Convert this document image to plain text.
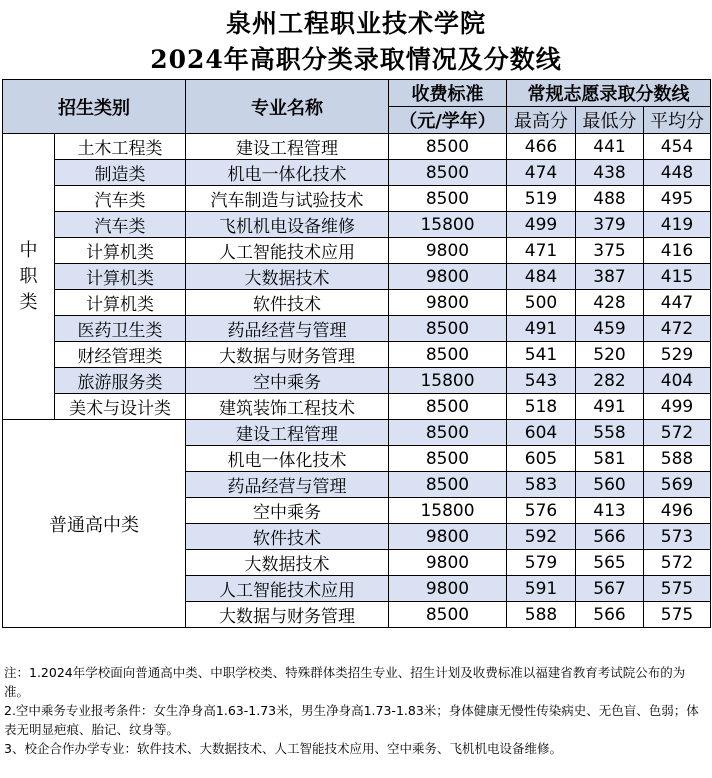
泉州工程职业技术学院
2024年高职分类录取情况及分数线
招生类别		专业名称	收费标准	常规志愿录取分数线		
			（元/学年）	最高分	最低分	平均分
中职类	土木工程类	建设工程管理	8500	466	441	454
	制造类	机电一体化技术	8500	474	438	448
	汽车类	汽车制造与试验技术	8500	519	488	495
	汽车类	飞机机电设备维修	15800	499	379	419
	计算机类	人工智能技术应用	9800	471	375	416
	计算机类	大数据技术	9800	484	387	415
	计算机类	软件技术	9800	500	428	447
	医药卫生类	药品经营与管理	8500	491	459	472
	财经管理类	大数据与财务管理	8500	541	520	529
	旅游服务类	空中乘务	15800	543	282	404
	美术与设计类	建筑装饰工程技术	8500	518	491	499
普通高中类		建设工程管理	8500	604	558	572
		机电一体化技术	8500	605	581	588
		药品经营与管理	8500	583	560	569
		空中乘务	15800	576	413	496
		软件技术	9800	592	566	573
		大数据技术	9800	579	565	572
		人工智能技术应用	9800	591	567	575
		大数据与财务管理	8500	588	566	575
注：1.2024年学校面向普通高中类、中职学校类、特殊群体类招生专业、招生计划及收费标准以福建省教育考试院公布的为准。
2.空中乘务专业报考条件：女生净身高1.63-1.73米，男生净身高1.73-1.83米；身体健康无慢性传染病史、无色盲、色弱；体表无明显疤痕、胎记、纹身等。
3、校企合作办学专业：软件技术、大数据技术、人工智能技术应用、空中乘务、飞机机电设备维修。
